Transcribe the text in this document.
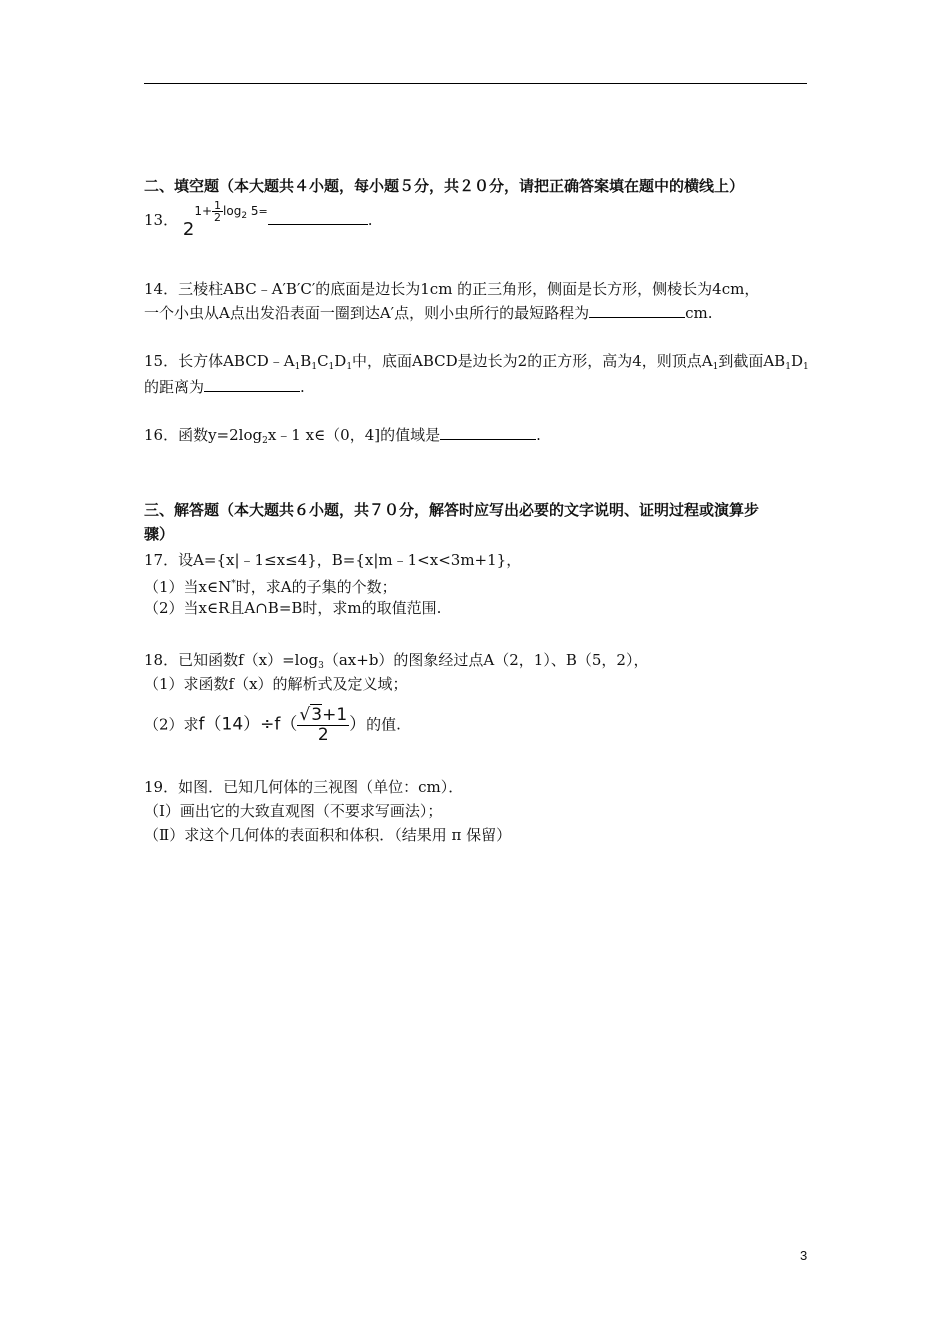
二、填空题（本大题共４小题，每小题５分，共２０分，请把正确答案填在题中的横线上）
13． $2^{1+ \frac{1}{2} log_2 5=}$	.
14．三棱柱ABC﹣A′B′C′的底面是边长为1cm 的正三角形，侧面是长方形，侧棱长为4cm，
一个小虫从A点出发沿表面一圈到达A′点，则小虫所行的最短路程为	cm.
15．长方体$ABCD﹣A_1B_1C_1D_1$中，底面ABCD是边长为2的正方形，高为4，则顶点$A_1$到截面$AB_1D_1$
的距离为	.
16．函数$y=2\log_2x﹣1$ x∈（0，4]的值域是	.
三、解答题（本大题共６小题，共７０分，解答时应写出必要的文字说明、证明过程或演算步
骤）
17．设A={x|﹣1≤x≤4}，B={x|m﹣1<x<3m+1}，
（1）当x∈N*时，求A的子集的个数；
（2）当x∈R且A∩B=B时，求m的取值范围.
18．已知函数$f(x)=\log_3(ax+b)$的图象经过点A（2，1）、B（5，2），
（1）求函数f（x）的解析式及定义域；
（2）求$f(14)\div f( \frac{√3+1}{2}$ ）的值.
19．如图．已知几何体的三视图（单位：cm）．
（Ⅰ）画出它的大致直观图（不要求写画法）；
（Ⅱ）求这个几何体的表面积和体积．（结果用 π 保留）
3
